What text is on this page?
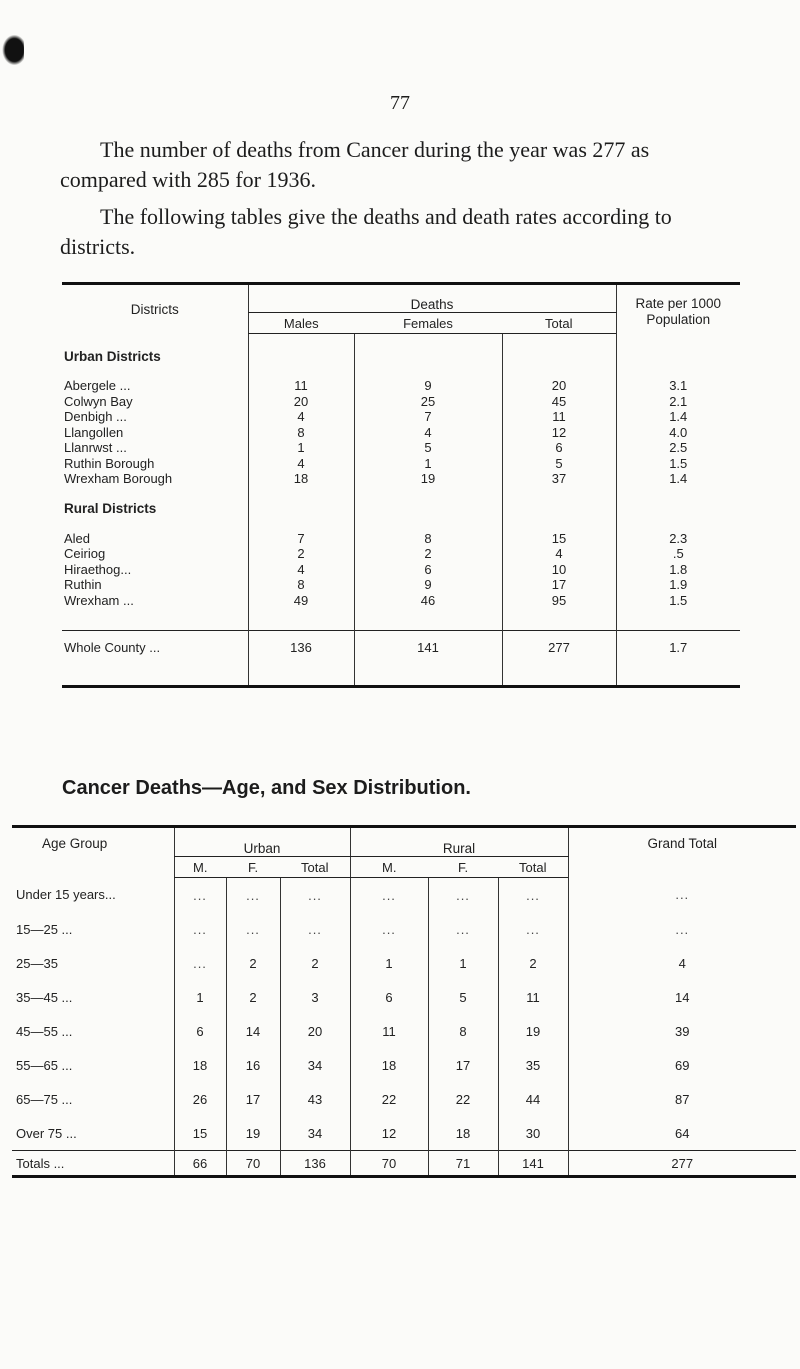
77

The number of deaths from Cancer during the year was 277 as compared with 285 for 1936.

The following tables give the deaths and death rates according to districts.

Districts	Deaths			Rate per 1000 Population
	Males	Females	Total	
Urban Districts				

Abergele ...	11	9	20	3.1
Colwyn Bay	20	25	45	2.1
Denbigh ...	4	7	11	1.4
Llangollen	8	4	12	4.0
Llanrwst ...	1	5	6	2.5
Ruthin Borough	4	1	5	1.5
Wrexham Borough	18	19	37	1.4
Rural Districts				

Aled	7	8	15	2.3
Ceiriog	2	2	4	.5
Hiraethog...	4	6	10	1.8
Ruthin	8	9	17	1.9
Wrexham ...	49	46	95	1.5

Whole County ...	136	141	277	1.7

Cancer Deaths—Age, and Sex Distribution.
Age Group	Urban			Rural			Grand Total
	M.	F.	Total	M.	F.	Total	
Under 15 years...	...	...	...	...	...	...	...
15—25 ...	...	...	...	...	...	...	...
25—35	...	2	2	1	1	2	4
35—45 ...	1	2	3	6	5	11	14
45—55 ...	6	14	20	11	8	19	39
55—65 ...	18	16	34	18	17	35	69
65—75 ...	26	17	43	22	22	44	87
Over 75 ...	15	19	34	12	18	30	64
Totals ...	66	70	136	70	71	141	277
